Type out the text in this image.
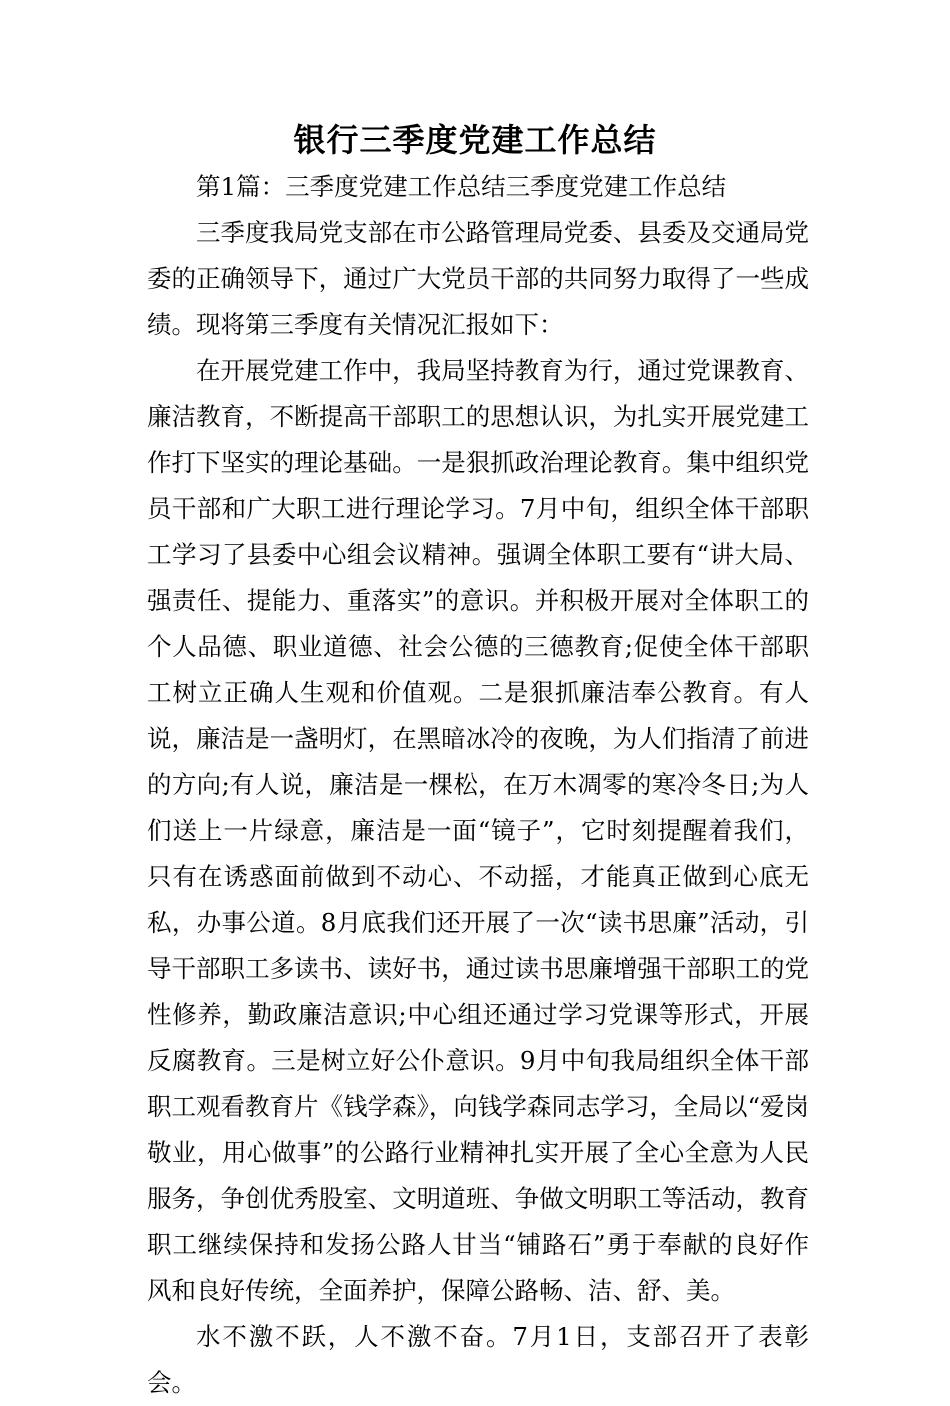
银行三季度党建工作总结

第1篇：三季度党建工作总结三季度党建工作总结

三季度我局党支部在市公路管理局党委、县委及交通局党委的正确领导下，通过广大党员干部的共同努力取得了一些成绩。现将第三季度有关情况汇报如下：

在开展党建工作中，我局坚持教育为行，通过党课教育、廉洁教育，不断提高干部职工的思想认识，为扎实开展党建工作打下坚实的理论基础。一是狠抓政治理论教育。集中组织党员干部和广大职工进行理论学习。7月中旬，组织全体干部职工学习了县委中心组会议精神。强调全体职工要有“讲大局、强责任、提能力、重落实”的意识。并积极开展对全体职工的个人品德、职业道德、社会公德的三德教育;促使全体干部职工树立正确人生观和价值观。二是狠抓廉洁奉公教育。有人说，廉洁是一盏明灯，在黑暗冰冷的夜晚，为人们指清了前进的方向;有人说，廉洁是一棵松，在万木凋零的寒冷冬日;为人们送上一片绿意，廉洁是一面“镜子”，它时刻提醒着我们，只有在诱惑面前做到不动心、不动摇，才能真正做到心底无私，办事公道。8月底我们还开展了一次“读书思廉”活动，引导干部职工多读书、读好书，通过读书思廉增强干部职工的党性修养，勤政廉洁意识;中心组还通过学习党课等形式，开展反腐教育。三是树立好公仆意识。9月中旬我局组织全体干部职工观看教育片《钱学森》，向钱学森同志学习，全局以“爱岗敬业，用心做事”的公路行业精神扎实开展了全心全意为人民服务，争创优秀股室、文明道班、争做文明职工等活动，教育职工继续保持和发扬公路人甘当“铺路石”勇于奉献的良好作风和良好传统，全面养护，保障公路畅、洁、舒、美。

水不激不跃，人不激不奋。7月1日，支部召开了表彰会。
